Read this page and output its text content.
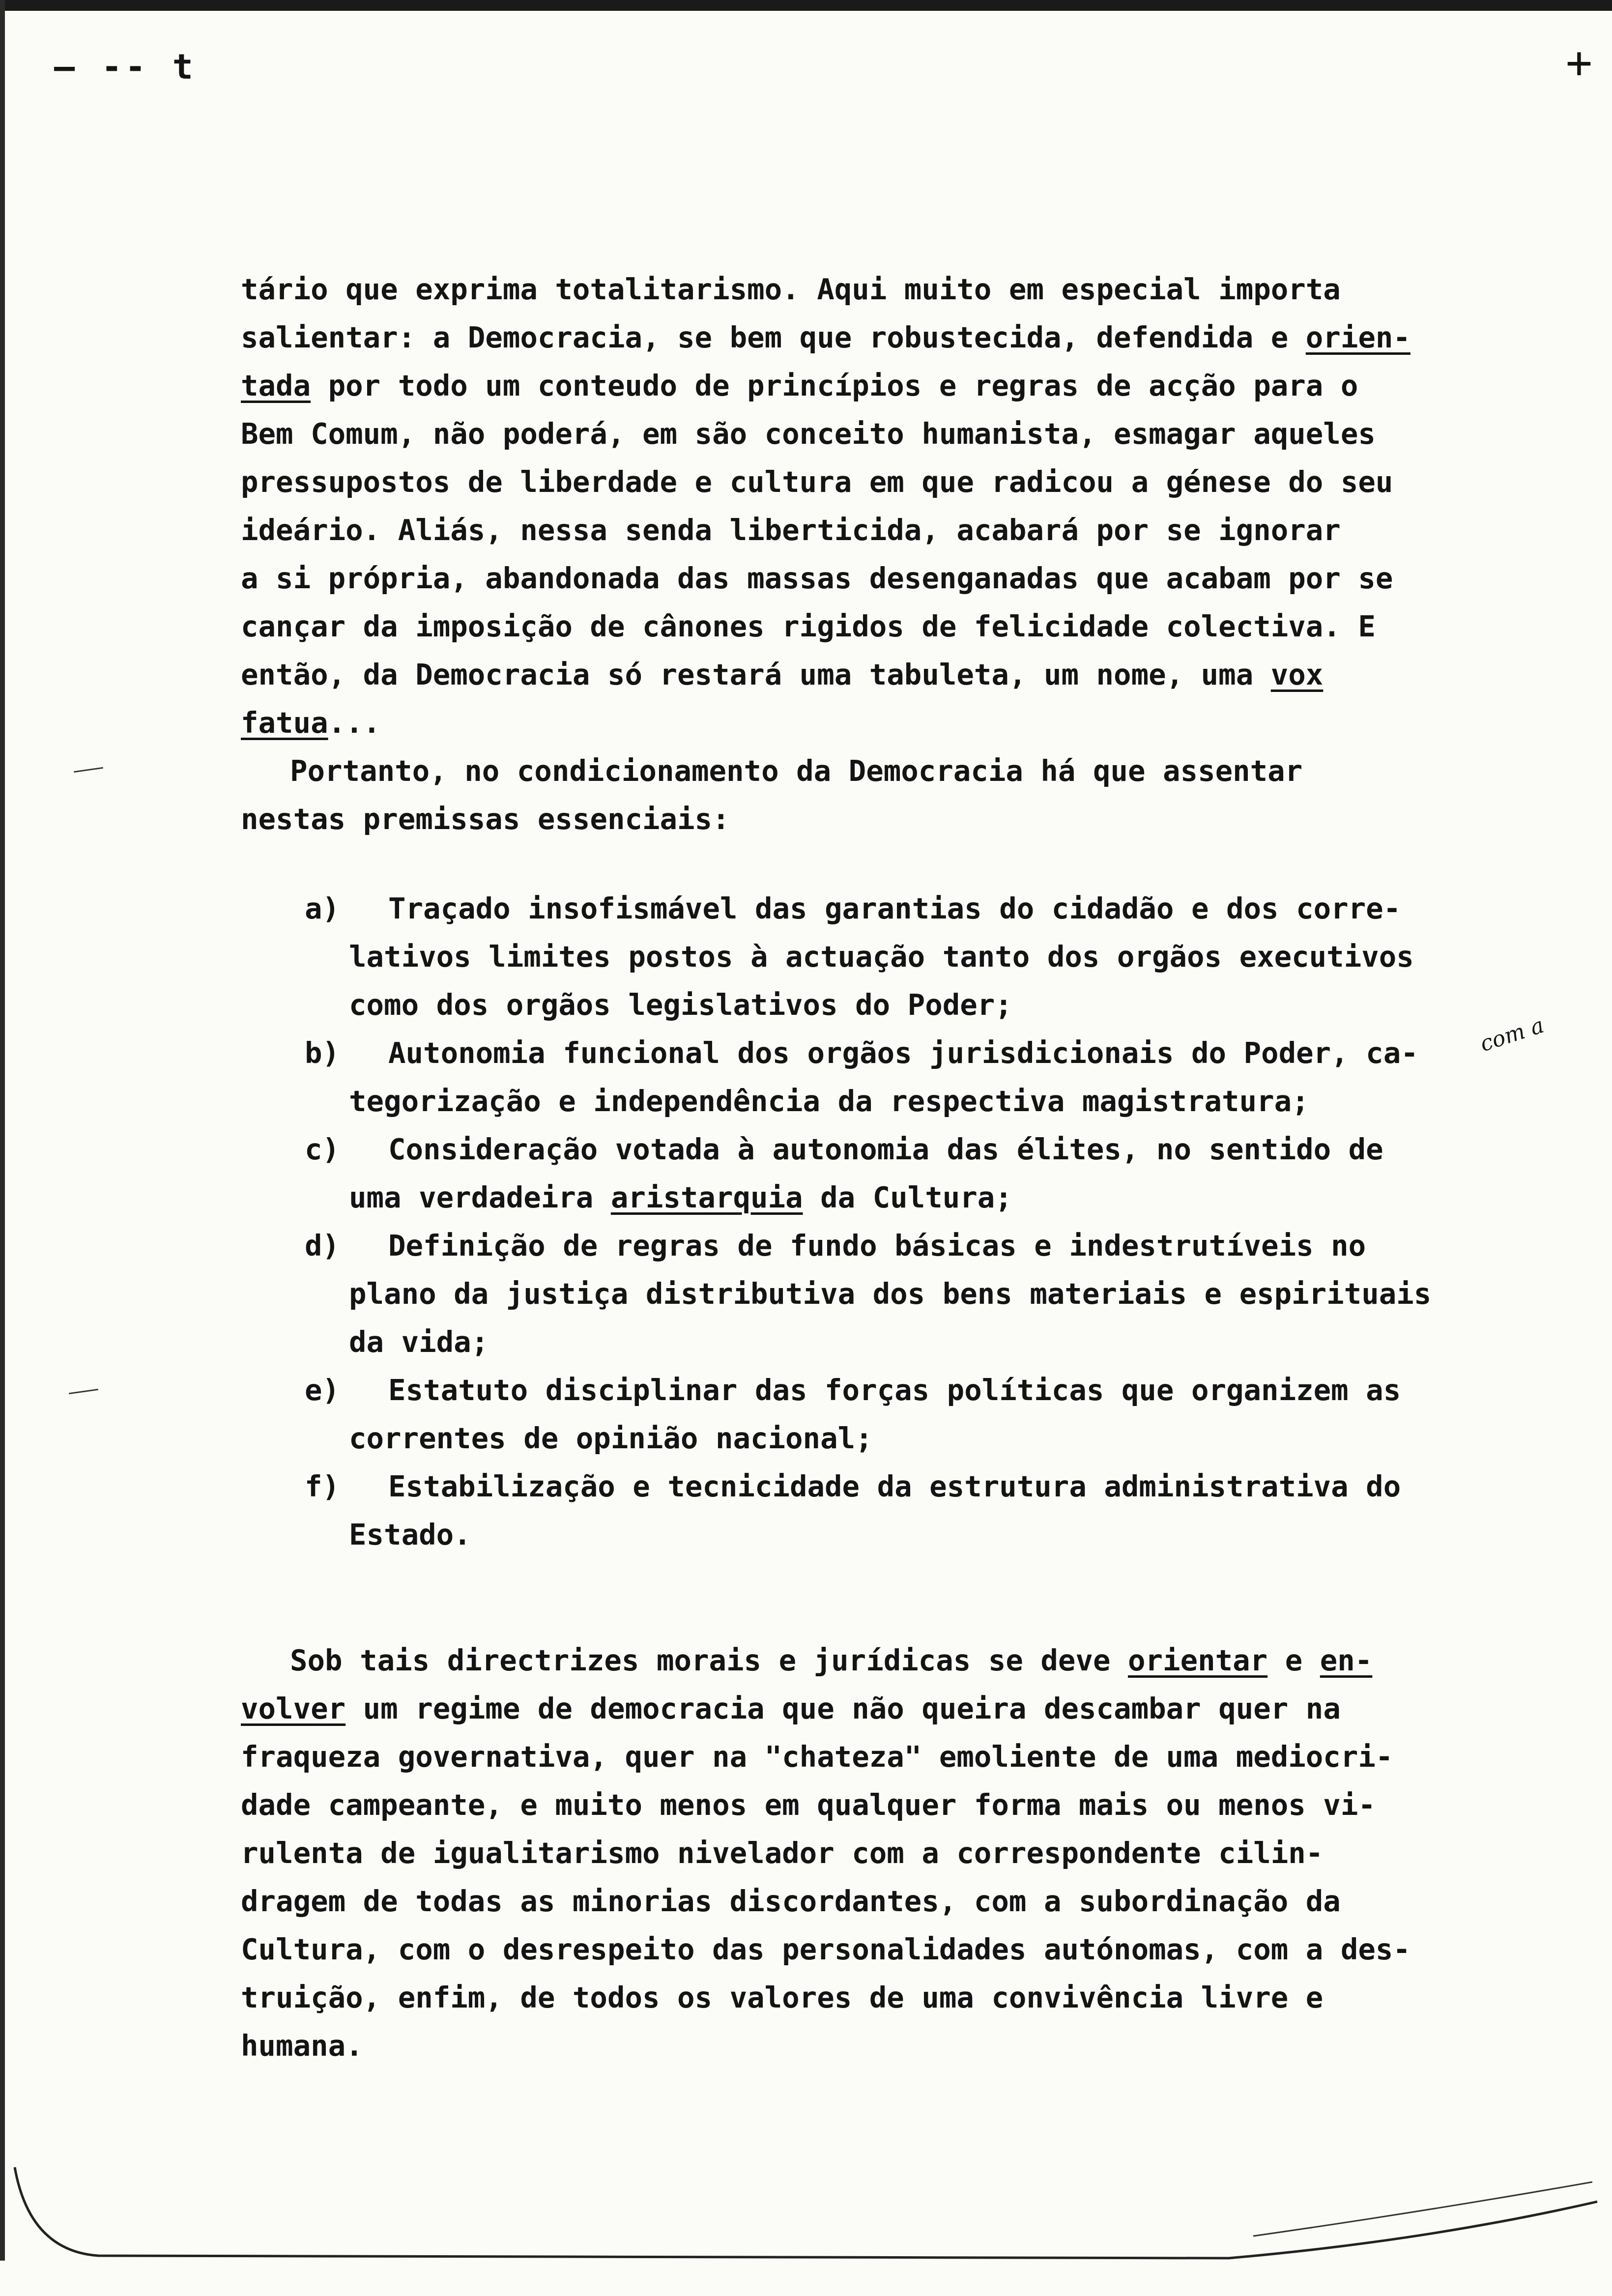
– -- t	+
tário que exprima totalitarismo. Aqui muito em especial importa
salientar: a Democracia, se bem que robustecida, defendida e orien-
tada por todo um conteudo de princípios e regras de acção para o
Bem Comum, não poderá, em são conceito humanista, esmagar aqueles
pressupostos de liberdade e cultura em que radicou a génese do seu
ideário. Aliás, nessa senda liberticida, acabará por se ignorar
a si própria, abandonada das massas desenganadas que acabam por se
cançar da imposição de cânones rigidos de felicidade colectiva. E
então, da Democracia só restará uma tabuleta, um nome, uma vox
fatua...
Portanto, no condicionamento da Democracia há que assentar
nestas premissas essenciais:
a) Traçado insofismável das garantias do cidadão e dos corre-
lativos limites postos à actuação tanto dos orgãos executivos
como dos orgãos legislativos do Poder;
b) Autonomia funcional dos orgãos jurisdicionais do Poder, ca-
tegorização e independência da respectiva magistratura;
c) Consideração votada à autonomia das élites, no sentido de
uma verdadeira aristarquia da Cultura;
d) Definição de regras de fundo básicas e indestrutíveis no
plano da justiça distributiva dos bens materiais e espirituais
da vida;
e) Estatuto disciplinar das forças políticas que organizem as
correntes de opinião nacional;
f) Estabilização e tecnicidade da estrutura administrativa do
Estado.
com a
Sob tais directrizes morais e jurídicas se deve orientar e en-
volver um regime de democracia que não queira descambar quer na
fraqueza governativa, quer na "chateza" emoliente de uma mediocri-
dade campeante, e muito menos em qualquer forma mais ou menos vi-
rulenta de igualitarismo nivelador com a correspondente cilin-
dragem de todas as minorias discordantes, com a subordinação da
Cultura, com o desrespeito das personalidades autónomas, com a des-
truição, enfim, de todos os valores de uma convivência livre e
humana.
